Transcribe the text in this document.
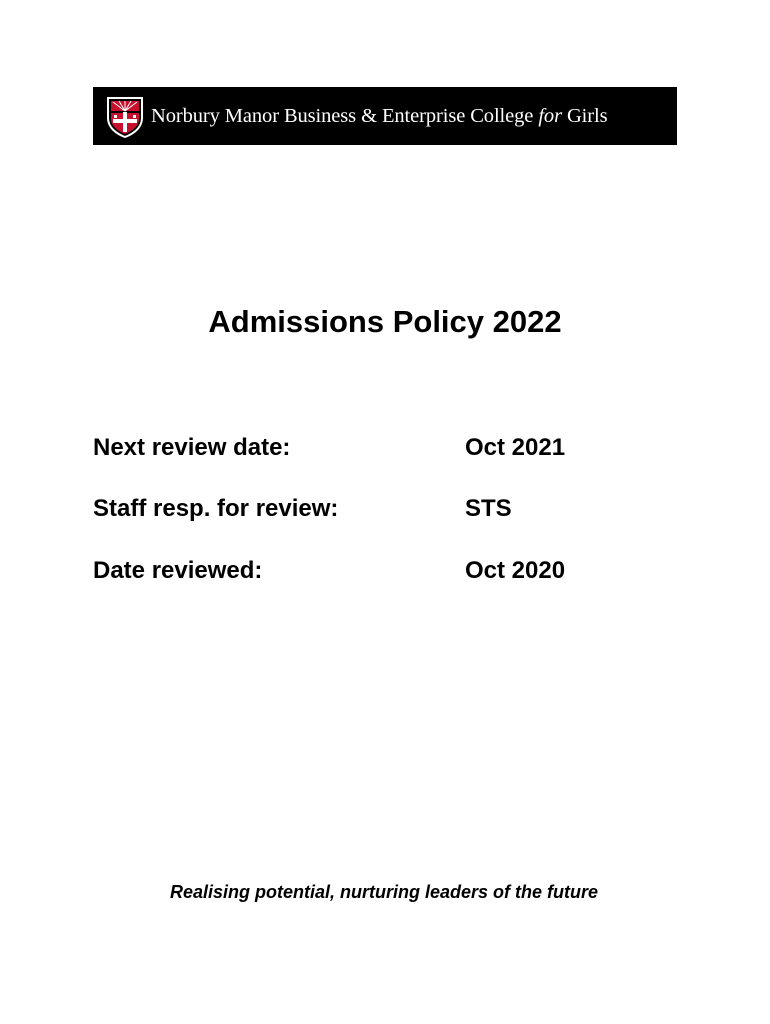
Norbury Manor Business & Enterprise College for Girls
Admissions Policy 2022
Next review date:	Oct 2021
Staff resp. for review:	STS
Date reviewed:	Oct 2020
Realising potential, nurturing leaders of the future
